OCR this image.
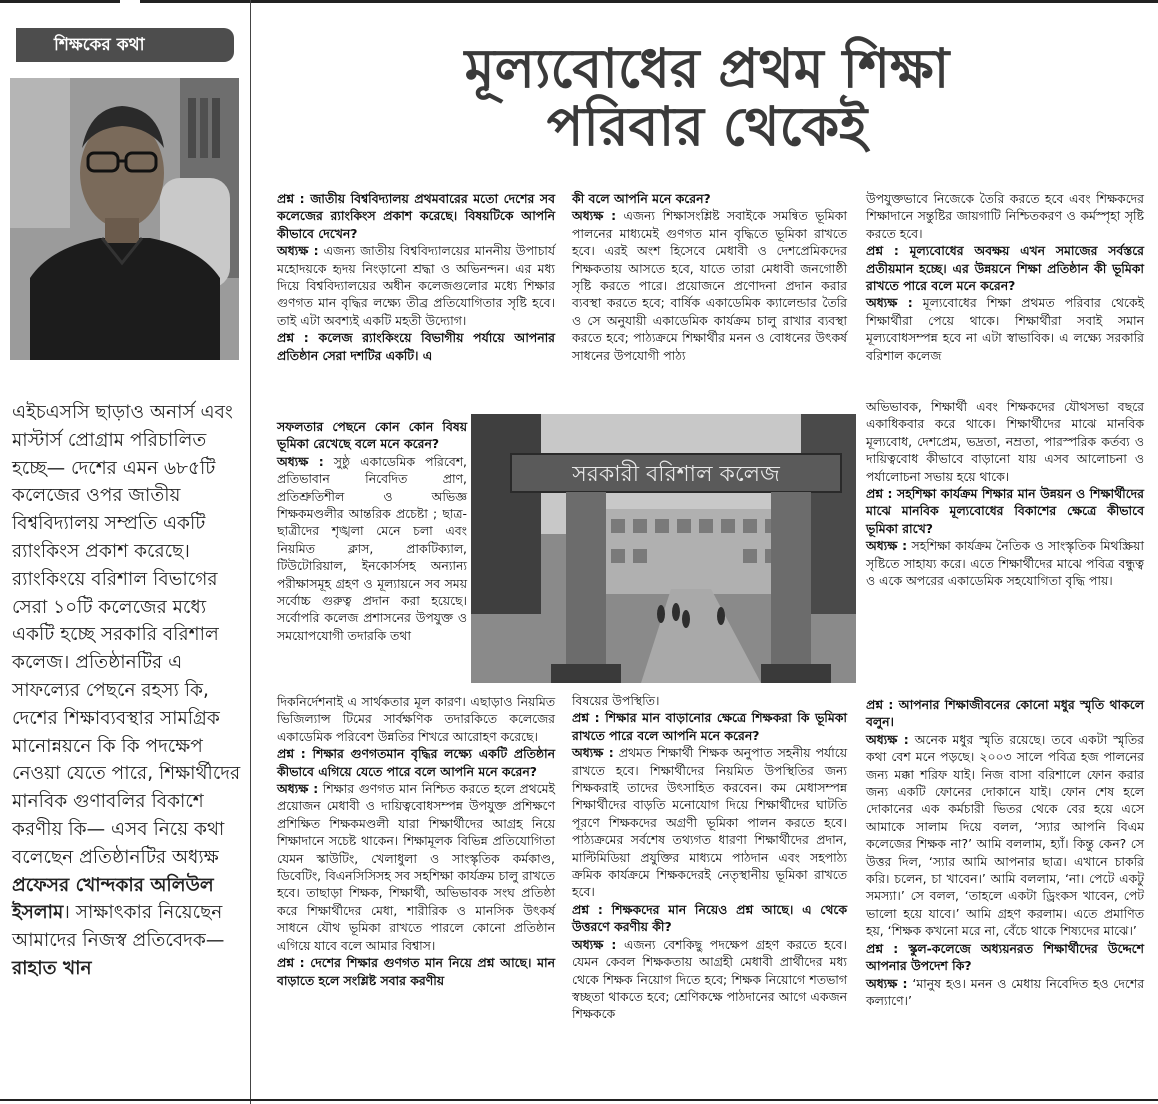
শিক্ষকের কথা

এইচএসসি ছাড়াও অনার্স এবং মাস্টার্স প্রোগ্রাম পরিচালিত হচ্ছে— দেশের এমন ৬৮৫টি কলেজের ওপর জাতীয় বিশ্ববিদ্যালয় সম্প্রতি একটি র‍্যাংকিংস প্রকাশ করেছে। র‍্যাংকিংয়ে বরিশাল বিভাগের সেরা ১০টি কলেজের মধ্যে একটি হচ্ছে সরকারি বরিশাল কলেজ। প্রতিষ্ঠানটির এ সাফল্যের পেছনে রহস্য কি, দেশের শিক্ষাব্যবস্থার সামগ্রিক মানোন্নয়নে কি কি পদক্ষেপ নেওয়া যেতে পারে, শিক্ষার্থীদের মানবিক গুণাবলির বিকাশে করণীয় কি— এসব নিয়ে কথা বলেছেন প্রতিষ্ঠানটির অধ্যক্ষ প্রফেসর খোন্দকার অলিউল ইসলাম। সাক্ষাৎকার নিয়েছেন আমাদের নিজস্ব প্রতিবেদক—রাহাত খান

মূল্যবোধের প্রথম শিক্ষা
পরিবার থেকেই

প্রশ্ন : জাতীয় বিশ্ববিদ্যালয় প্রথমবারের মতো দেশের সব কলেজের র‍্যাংকিংস প্রকাশ করেছে। বিষয়টিকে আপনি কীভাবে দেখেন?

অধ্যক্ষ : এজন্য জাতীয় বিশ্ববিদ্যালয়ের মাননীয় উপাচার্য মহোদয়কে হৃদয় নিংড়ানো শ্রদ্ধা ও অভিনন্দন। এর মধ্য দিয়ে বিশ্ববিদ্যালয়ের অধীন কলেজগুলোর মধ্যে শিক্ষার গুণগত মান বৃদ্ধির লক্ষ্যে তীব্র প্রতিযোগিতার সৃষ্টি হবে। তাই এটা অবশ্যই একটি মহতী উদ্যোগ।

প্রশ্ন : কলেজ র‍্যাংকিংয়ে বিভাগীয় পর্যায়ে আপনার প্রতিষ্ঠান সেরা দশটির একটি। এ

সফলতার পেছনে কোন কোন বিষয় ভূমিকা রেখেছে বলে মনে করেন?

অধ্যক্ষ : সুষ্ঠু একাডেমিক পরিবেশ, প্রতিভাবান নিবেদিত প্রাণ, প্রতিশ্রুতিশীল ও অভিজ্ঞ শিক্ষকমণ্ডলীর আন্তরিক প্রচেষ্টা ; ছাত্র-ছাত্রীদের শৃঙ্খলা মেনে চলা এবং নিয়মিত ক্লাস, প্রাকটিক্যাল, টিউটোরিয়াল, ইনকোর্সসহ অন্যান্য পরীক্ষাসমূহ গ্রহণ ও মূল্যায়নে সব সময় সর্বোচ্চ গুরুত্ব প্রদান করা হয়েছে। সর্বোপরি কলেজ প্রশাসনের উপযুক্ত ও সময়োপযোগী তদারকি তথা

দিকনির্দেশনাই এ সার্থকতার মূল কারণ। এছাড়াও নিয়মিত ভিজিল্যান্স টিমের সার্বক্ষণিক তদারকিতে কলেজের একাডেমিক পরিবেশ উন্নতির শিখরে আরোহণ করেছে।

প্রশ্ন : শিক্ষার গুণগতমান বৃদ্ধির লক্ষ্যে একটি প্রতিষ্ঠান কীভাবে এগিয়ে যেতে পারে বলে আপনি মনে করেন?

অধ্যক্ষ : শিক্ষার গুণগত মান নিশ্চিত করতে হলে প্রথমেই প্রয়োজন মেধাবী ও দায়িত্ববোধসম্পন্ন উপযুক্ত প্রশিক্ষণে প্রশিক্ষিত শিক্ষকমণ্ডলী যারা শিক্ষার্থীদের আগ্রহ নিয়ে শিক্ষাদানে সচেষ্ট থাকেন। শিক্ষামূলক বিভিন্ন প্রতিযোগিতা যেমন স্কাউটিং, খেলাধুলা ও সাংস্কৃতিক কর্মকাণ্ড, ডিবেটিং, বিএনসিসিসহ সব সহশিক্ষা কার্যক্রম চালু রাখতে হবে। তাছাড়া শিক্ষক, শিক্ষার্থী, অভিভাবক সংঘ প্রতিষ্ঠা করে শিক্ষার্থীদের মেধা, শারীরিক ও মানসিক উৎকর্ষ সাধনে যৌথ ভূমিকা রাখতে পারলে কোনো প্রতিষ্ঠান এগিয়ে যাবে বলে আমার বিশ্বাস।

প্রশ্ন : দেশের শিক্ষার গুণগত মান নিয়ে প্রশ্ন আছে। মান বাড়াতে হলে সংশ্লিষ্ট সবার করণীয়

কী বলে আপনি মনে করেন?

অধ্যক্ষ : এজন্য শিক্ষাসংশ্লিষ্ট সবাইকে সমন্বিত ভূমিকা পালনের মাধ্যমেই গুণগত মান বৃদ্ধিতে ভূমিকা রাখতে হবে। এরই অংশ হিসেবে মেধাবী ও দেশপ্রেমিকদের শিক্ষকতায় আসতে হবে, যাতে তারা মেধাবী জনগোষ্ঠী সৃষ্টি করতে পারে। প্রয়োজনে প্রণোদনা প্রদান করার ব্যবস্থা করতে হবে; বার্ষিক একাডেমিক ক্যালেন্ডার তৈরি ও সে অনুযায়ী একাডেমিক কার্যক্রম চালু রাখার ব্যবস্থা করতে হবে; পাঠ্যক্রমে শিক্ষার্থীর মনন ও বোধনের উৎকর্ষ সাধনের উপযোগী পাঠ্য

বিষয়ের উপস্থিতি।

প্রশ্ন : শিক্ষার মান বাড়ানোর ক্ষেত্রে শিক্ষকরা কি ভূমিকা রাখতে পারে বলে আপনি মনে করেন?

অধ্যক্ষ : প্রথমত শিক্ষার্থী শিক্ষক অনুপাত সহনীয় পর্যায়ে রাখতে হবে। শিক্ষার্থীদের নিয়মিত উপস্থিতির জন্য শিক্ষকরাই তাদের উৎসাহিত করবেন। কম মেধাসম্পন্ন শিক্ষার্থীদের বাড়তি মনোযোগ দিয়ে শিক্ষার্থীদের ঘাটতি পূরণে শিক্ষকদের অগ্রণী ভূমিকা পালন করতে হবে। পাঠ্যক্রমের সর্বশেষ তথ্যগত ধারণা শিক্ষার্থীদের প্রদান, মাল্টিমিডিয়া প্রযুক্তির মাধ্যমে পাঠদান এবং সহপাঠ্য ক্রমিক কার্যক্রমে শিক্ষকদেরই নেতৃস্থানীয় ভূমিকা রাখতে হবে।

প্রশ্ন : শিক্ষকদের মান নিয়েও প্রশ্ন আছে। এ থেকে উত্তরণে করণীয় কী?

অধ্যক্ষ : এজন্য বেশকিছু পদক্ষেপ গ্রহণ করতে হবে। যেমন কেবল শিক্ষকতায় আগ্রহী মেধাবী প্রার্থীদের মধ্য থেকে শিক্ষক নিয়োগ দিতে হবে; শিক্ষক নিয়োগে শতভাগ স্বচ্ছতা থাকতে হবে; শ্রেণিকক্ষে পাঠদানের আগে একজন শিক্ষককে

উপযুক্তভাবে নিজেকে তৈরি করতে হবে এবং শিক্ষকদের শিক্ষাদানে সন্তুষ্টির জায়গাটি নিশ্চিতকরণ ও কর্মস্পৃহা সৃষ্টি করতে হবে।

প্রশ্ন : মূল্যবোধের অবক্ষয় এখন সমাজের সর্বস্তরে প্রতীয়মান হচ্ছে। এর উন্নয়নে শিক্ষা প্রতিষ্ঠান কী ভূমিকা রাখতে পারে বলে মনে করেন?

অধ্যক্ষ : মূল্যবোধের শিক্ষা প্রথমত পরিবার থেকেই শিক্ষার্থীরা পেয়ে থাকে। শিক্ষার্থীরা সবাই সমান মূল্যবোধসম্পন্ন হবে না এটা স্বাভাবিক। এ লক্ষ্যে সরকারি বরিশাল কলেজ

অভিভাবক, শিক্ষার্থী এবং শিক্ষকদের যৌথসভা বছরে একাধিকবার করে থাকে। শিক্ষার্থীদের মাঝে মানবিক মূল্যবোধ, দেশপ্রেম, ভদ্রতা, নম্রতা, পারস্পরিক কর্তব্য ও দায়িত্ববোধ কীভাবে বাড়ানো যায় এসব আলোচনা ও পর্যালোচনা সভায় হয়ে থাকে।

প্রশ্ন : সহশিক্ষা কার্যক্রম শিক্ষার মান উন্নয়ন ও শিক্ষার্থীদের মাঝে মানবিক মূল্যবোধের বিকাশের ক্ষেত্রে কীভাবে ভূমিকা রাখে?

অধ্যক্ষ : সহশিক্ষা কার্যক্রম নৈতিক ও সাংস্কৃতিক মিথস্ক্রিয়া সৃষ্টিতে সাহায্য করে। এতে শিক্ষার্থীদের মাঝে পবিত্র বন্ধুত্ব ও একে অপরের একাডেমিক সহযোগিতা বৃদ্ধি পায়।

প্রশ্ন : আপনার শিক্ষাজীবনের কোনো মধুর স্মৃতি থাকলে বলুন।

অধ্যক্ষ : অনেক মধুর স্মৃতি রয়েছে। তবে একটা স্মৃতির কথা বেশ মনে পড়ছে। ২০০৩ সালে পবিত্র হজ পালনের জন্য মক্কা শরিফ যাই। নিজ বাসা বরিশালে ফোন করার জন্য একটি ফোনের দোকানে যাই। ফোন শেষ হলে দোকানের এক কর্মচারী ভিতর থেকে বের হয়ে এসে আমাকে সালাম দিয়ে বলল, ‘স্যার আপনি বিএম কলেজের শিক্ষক না?’ আমি বললাম, হ্যাঁ। কিন্তু কেন? সে উত্তর দিল, ‘স্যার আমি আপনার ছাত্র। এখানে চাকরি করি। চলেন, চা খাবেন।’ আমি বললাম, ‘না। পেটে একটু সমস্যা।’ সে বলল, ‘তাহলে একটা ড্রিংকস খাবেন, পেট ভালো হয়ে যাবে।’ আমি গ্রহণ করলাম। এতে প্রমাণিত হয়, ‘শিক্ষক কখনো মরে না, বেঁচে থাকে শিষ্যদের মাঝে।’

প্রশ্ন : স্কুল-কলেজে অধ্যয়নরত শিক্ষার্থীদের উদ্দেশে আপনার উপদেশ কি?

অধ্যক্ষ : ‘মানুষ হও। মনন ও মেধায় নিবেদিত হও দেশের কল্যাণে।’

সরকারী বরিশাল কলেজ
